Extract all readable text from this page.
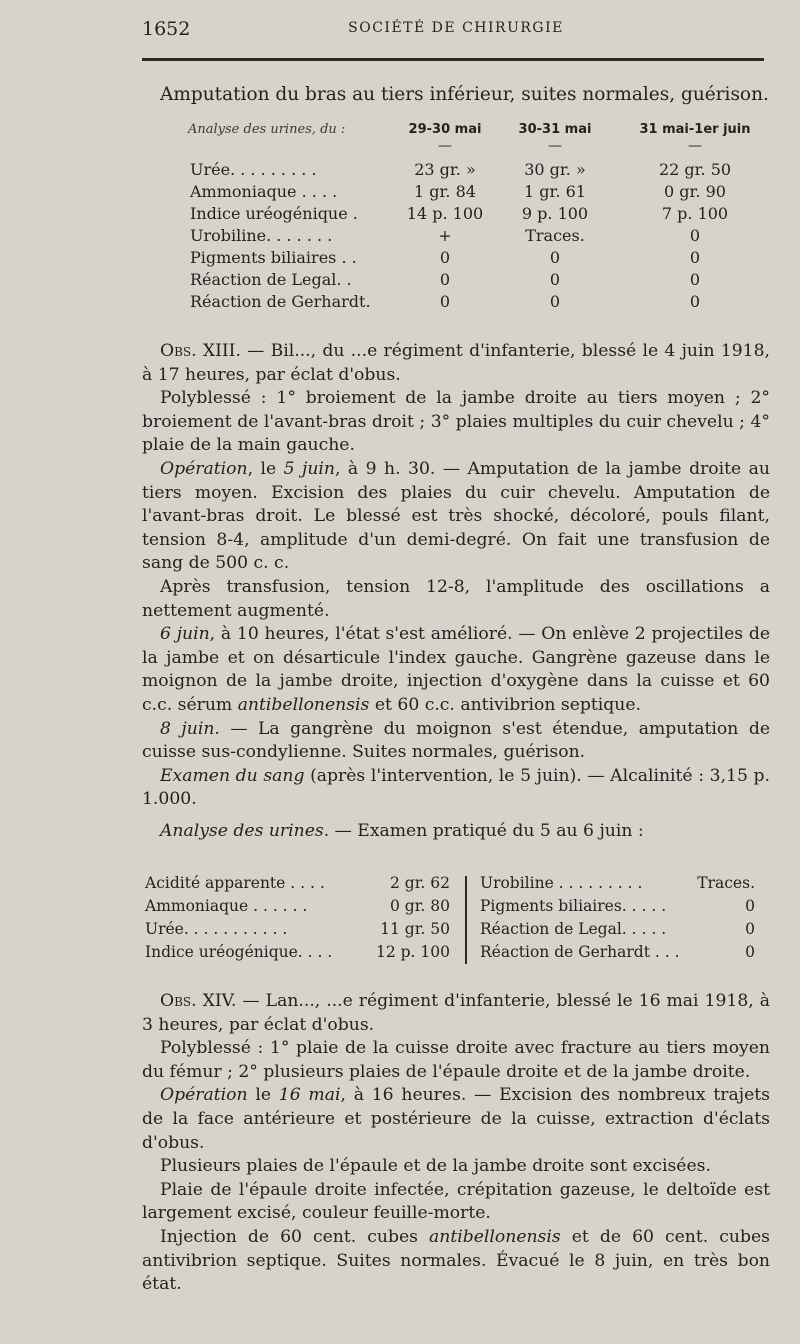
1652	SOCIÉTÉ DE CHIRURGIE
Amputation du bras au tiers inférieur, suites normales, guérison.
Analyse des urines, du :	29-30 mai	30-31 mai	31 mai-1er juin
—	—	—
Urée. . . . . . . . .	23 gr. »	30 gr. »	22 gr. 50
Ammoniaque . . . .	1 gr. 84	1 gr. 61	0 gr. 90
Indice uréogénique .	14 p. 100	9 p. 100	7 p. 100
Urobiline. . . . . . .	+	Traces.	0
Pigments biliaires . .	0	0	0
Réaction de Legal. .	0	0	0
Réaction de Gerhardt.	0	0	0

Obs. XIII. — Bil..., du ...e régiment d'infanterie, blessé le 4 juin 1918, à 17 heures, par éclat d'obus.

Polyblessé : 1° broiement de la jambe droite au tiers moyen ; 2° broiement de l'avant-bras droit ; 3° plaies multiples du cuir chevelu ; 4° plaie de la main gauche.

Opération, le 5 juin, à 9 h. 30. — Amputation de la jambe droite au tiers moyen. Excision des plaies du cuir chevelu. Amputation de l'avant-bras droit. Le blessé est très shocké, décoloré, pouls filant, tension 8-4, amplitude d'un demi-degré. On fait une transfusion de sang de 500 c. c.

Après transfusion, tension 12-8, l'amplitude des oscillations a nettement augmenté.

6 juin, à 10 heures, l'état s'est amélioré. — On enlève 2 projectiles de la jambe et on désarticule l'index gauche. Gangrène gazeuse dans le moignon de la jambe droite, injection d'oxygène dans la cuisse et 60 c.c. sérum antibellonensis et 60 c.c. antivibrion septique.

8 juin. — La gangrène du moignon s'est étendue, amputation de cuisse sus-condylienne. Suites normales, guérison.

Examen du sang (après l'intervention, le 5 juin). — Alcalinité : 3,15 p. 1.000.

Analyse des urines. — Examen pratiqué du 5 au 6 juin :

Acidité apparente . . . .	2 gr. 62
Ammoniaque . . . . . .	0 gr. 80
Urée. . . . . . . . . . .	11 gr. 50
Indice uréogénique. . . .	12 p. 100
Urobiline . . . . . . . . .	Traces.
Pigments biliaires. . . . .	0
Réaction de Legal. . . . .	0
Réaction de Gerhardt . . .	0

Obs. XIV. — Lan..., ...e régiment d'infanterie, blessé le 16 mai 1918, à 3 heures, par éclat d'obus.

Polyblessé : 1° plaie de la cuisse droite avec fracture au tiers moyen du fémur ; 2° plusieurs plaies de l'épaule droite et de la jambe droite.

Opération le 16 mai, à 16 heures. — Excision des nombreux trajets de la face antérieure et postérieure de la cuisse, extraction d'éclats d'obus.

Plusieurs plaies de l'épaule et de la jambe droite sont excisées.

Plaie de l'épaule droite infectée, crépitation gazeuse, le deltoïde est largement excisé, couleur feuille-morte.

Injection de 60 cent. cubes antibellonensis et de 60 cent. cubes antivibrion septique. Suites normales. Évacué le 8 juin, en très bon état.
